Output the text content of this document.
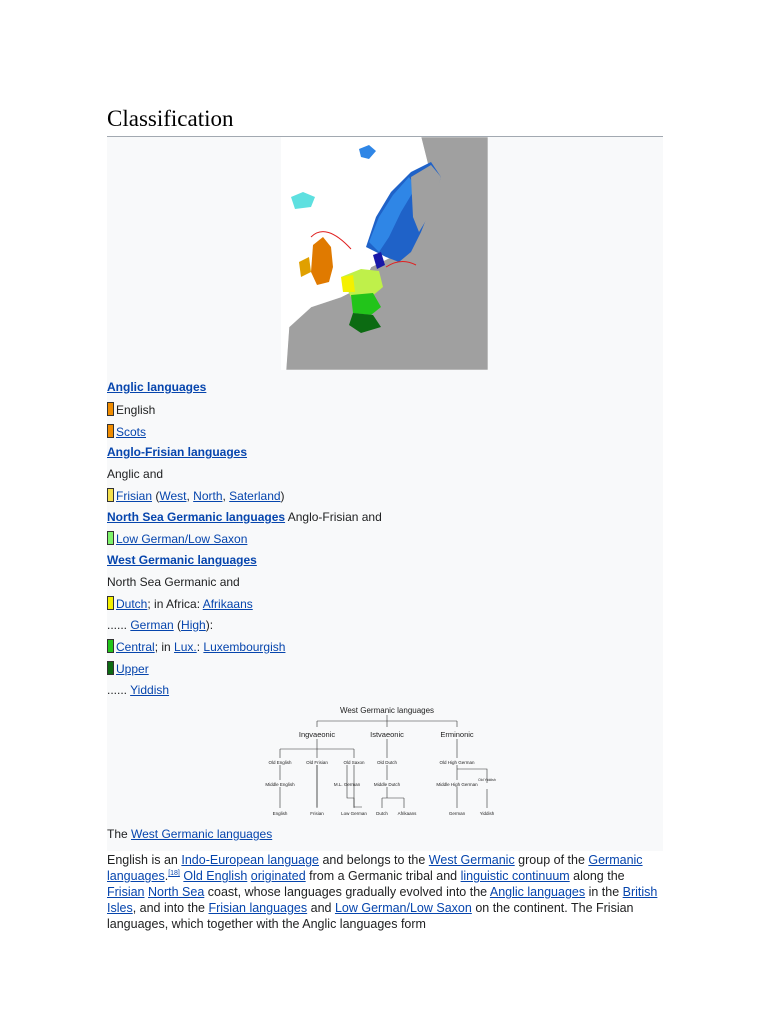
Classification
Anglic languages
English
Scots
Anglo-Frisian languages
Anglic and
Frisian (West, North, Saterland)
North Sea Germanic languages Anglo-Frisian and
Low German/Low Saxon
West Germanic languages
North Sea Germanic and
Dutch; in Africa: Afrikaans
...... German (High):
Central; in Lux.: Luxembourgish
Upper
...... Yiddish
West Germanic languages
Ingvaeonic	Istvaeonic	Erminonic
Old English	Old Frisian	Old Saxon	Old Dutch	Old High German
Middle English	M.L. German	Middle Dutch	Middle High German
Old Yiddish
English	Frisian	Low German Dutch Afrikaans	German	Yiddish
The West Germanic languages
English is an Indo-European language and belongs to the West Germanic group of the Germanic languages.[18] Old English originated from a Germanic tribal and linguistic continuum along the Frisian North Sea coast, whose languages gradually evolved into the Anglic languages in the British Isles, and into the Frisian languages and Low German/Low Saxon on the continent. The Frisian languages, which together with the Anglic languages form
